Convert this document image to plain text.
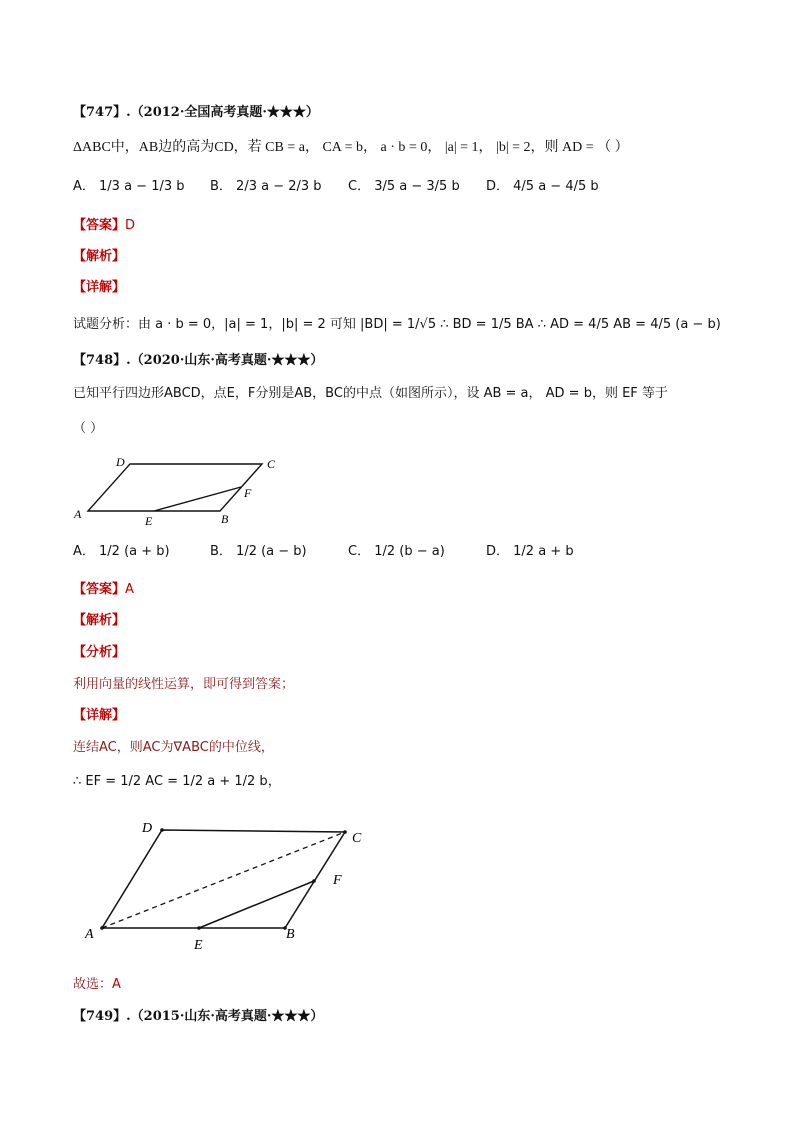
【747】.（2012·全国高考真题·★★★）
ΔABC中，AB边的高为CD，若 CB = a， CA = b， a · b = 0， |a| = 1， |b| = 2，则 AD = （ ）
A． 1/3 a − 1/3 b B． 2/3 a − 2/3 b C． 3/5 a − 3/5 b D． 4/5 a − 4/5 b
【答案】D
【解析】
【详解】
试题分析：由 a · b = 0，|a| = 1，|b| = 2 可知 |BD| = 1/√5 ∴ BD = 1/5 BA ∴ AD = 4/5 AB = 4/5 (a − b)
【748】.（2020·山东·高考真题·★★★）
已知平行四边形ABCD，点E，F分别是AB，BC的中点（如图所示），设 AB = a， AD = b，则 EF 等于
（ ）
D	C
F
A	E	B
A． 1/2 (a + b)	B． 1/2 (a − b)	C． 1/2 (b − a)	D． 1/2 a + b
【答案】A
【解析】
【分析】
利用向量的线性运算，即可得到答案；
【详解】
连结AC，则AC为∇ABC的中位线，
∴ EF = 1/2 AC = 1/2 a + 1/2 b，
D
C
F
A
E
B
故选：A
【749】.（2015·山东·高考真题·★★★）
